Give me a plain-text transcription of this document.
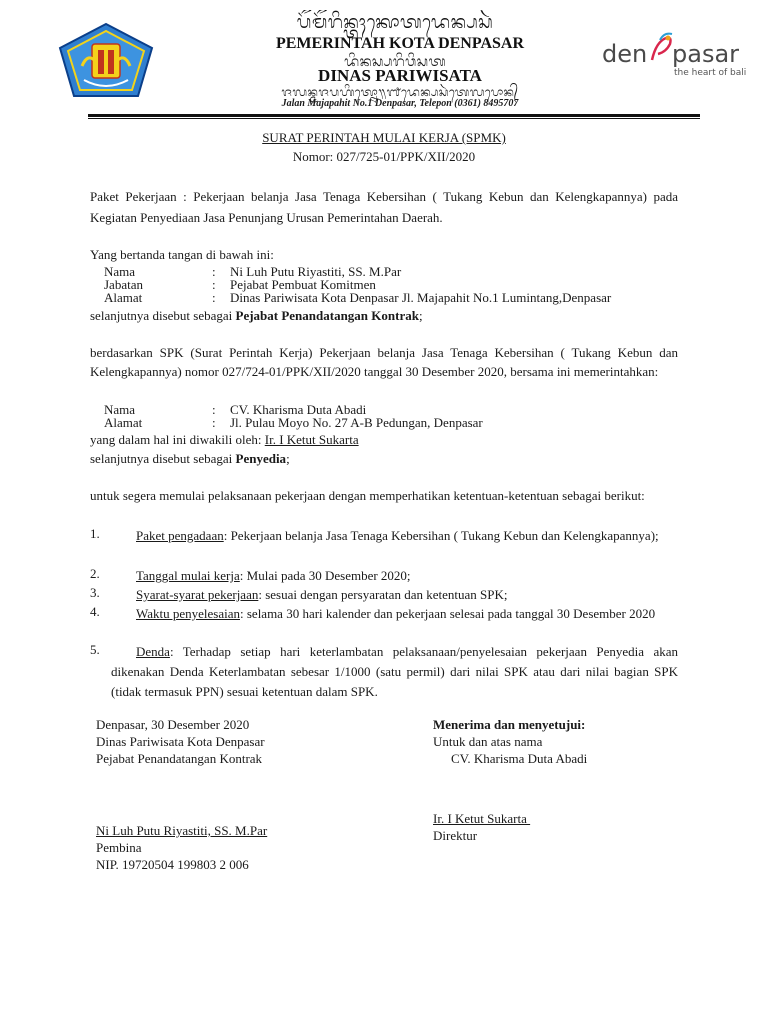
ᬧᭂᬫᭂᬭᬶᬦ᭄ᬢᬄᬓᭀᬢᬤᬾᬦ᭄ᬧᬲᬃ
PEMERINTAH KOTA DENPASAR
ᬤᬶᬦᬲ᭄ᬧᬭᬶᬯᬶᬲᬢ
DINAS PARIWISATA
ᬚᬮᬦ᭄ᬫᬚᬧᬳᬶᬢ᭄ᬦᭀ᭟᭑ᬤᬾᬦ᭄ᬧᬲᬃᬢᬾᬮᬧᭀᬦ᭄
Jalan Majapahit No.1 Denpasar, Telepon (0361) 8495707
den pasar
the heart of bali
SURAT PERINTAH MULAI KERJA (SPMK)
Nomor: 027/725-01/PPK/XII/2020
Paket Pekerjaan : Pekerjaan belanja Jasa Tenaga Kebersihan ( Tukang Kebun dan Kelengkapannya) pada Kegiatan Penyediaan Jasa Penunjang Urusan Pemerintahan Daerah.
Yang bertanda tangan di bawah ini:
Nama	: Ni Luh Putu Riyastiti, SS. M.Par
Jabatan	: Pejabat Pembuat Komitmen
Alamat	: Dinas Pariwisata Kota Denpasar Jl. Majapahit No.1 Lumintang,Denpasar
selanjutnya disebut sebagai Pejabat Penandatangan Kontrak;
berdasarkan SPK (Surat Perintah Kerja) Pekerjaan belanja Jasa Tenaga Kebersihan ( Tukang Kebun dan Kelengkapannya) nomor 027/724-01/PPK/XII/2020 tanggal 30 Desember 2020, bersama ini memerintahkan:
Nama	: CV. Kharisma Duta Abadi
Alamat	: Jl. Pulau Moyo No. 27 A-B Pedungan, Denpasar
yang dalam hal ini diwakili oleh: Ir. I Ketut Sukarta
selanjutnya disebut sebagai Penyedia;
untuk segera memulai pelaksanaan pekerjaan dengan memperhatikan ketentuan-ketentuan sebagai berikut:
1.	Paket pengadaan: Pekerjaan belanja Jasa Tenaga Kebersihan ( Tukang Kebun dan Kelengkapannya);
2.	Tanggal mulai kerja: Mulai pada 30 Desember 2020;
3.	Syarat-syarat pekerjaan: sesuai dengan persyaratan dan ketentuan SPK;
4.	Waktu penyelesaian: selama 30 hari kalender dan pekerjaan selesai pada tanggal 30 Desember 2020
5.	Denda: Terhadap setiap hari keterlambatan pelaksanaan/penyelesaian pekerjaan Penyedia akan dikenakan Denda Keterlambatan sebesar 1/1000 (satu permil) dari nilai SPK atau dari nilai bagian SPK (tidak termasuk PPN) sesuai ketentuan dalam SPK.
Denpasar, 30 Desember 2020
Dinas Pariwisata Kota Denpasar
Pejabat Penandatangan Kontrak
Ni Luh Putu Riyastiti, SS. M.Par
Pembina
NIP. 19720504 199803 2 006
Menerima dan menyetujui:
Untuk dan atas nama
CV. Kharisma Duta Abadi
Ir. I Ketut Sukarta
Direktur
